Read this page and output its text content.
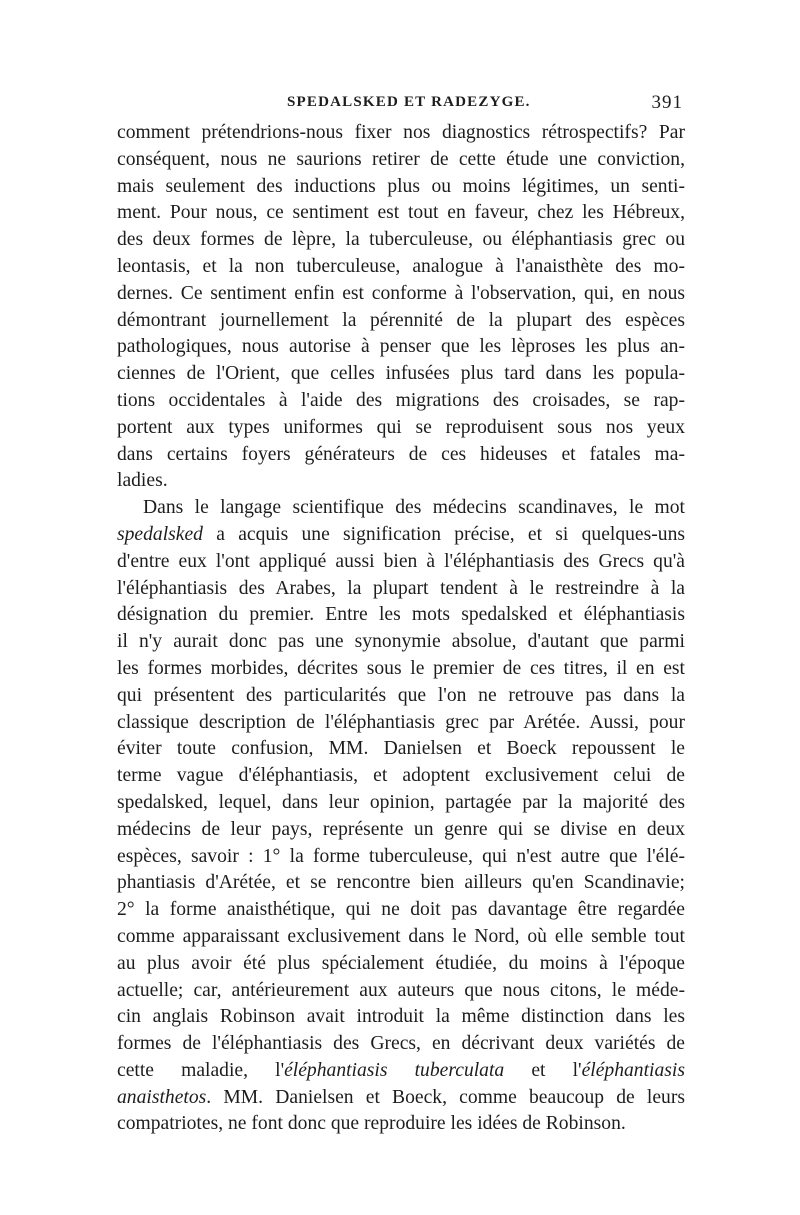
SPEDALSKED ET RADEZYGE.	391
comment prétendrions-nous fixer nos diagnostics rétrospectifs? Par
conséquent, nous ne saurions retirer de cette étude une conviction,
mais seulement des inductions plus ou moins légitimes, un senti-
ment. Pour nous, ce sentiment est tout en faveur, chez les Hébreux,
des deux formes de lèpre, la tuberculeuse, ou éléphantiasis grec ou
leontasis, et la non tuberculeuse, analogue à l'anaisthète des mo-
dernes. Ce sentiment enfin est conforme à l'observation, qui, en nous
démontrant journellement la pérennité de la plupart des espèces
pathologiques, nous autorise à penser que les lèproses les plus an-
ciennes de l'Orient, que celles infusées plus tard dans les popula-
tions occidentales à l'aide des migrations des croisades, se rap-
portent aux types uniformes qui se reproduisent sous nos yeux
dans certains foyers générateurs de ces hideuses et fatales ma-
ladies.
Dans le langage scientifique des médecins scandinaves, le mot
spedalsked a acquis une signification précise, et si quelques-uns
d'entre eux l'ont appliqué aussi bien à l'éléphantiasis des Grecs qu'à
l'éléphantiasis des Arabes, la plupart tendent à le restreindre à la
désignation du premier. Entre les mots spedalsked et éléphantiasis
il n'y aurait donc pas une synonymie absolue, d'autant que parmi
les formes morbides, décrites sous le premier de ces titres, il en est
qui présentent des particularités que l'on ne retrouve pas dans la
classique description de l'éléphantiasis grec par Arétée. Aussi, pour
éviter toute confusion, MM. Danielsen et Boeck repoussent le
terme vague d'éléphantiasis, et adoptent exclusivement celui de
spedalsked, lequel, dans leur opinion, partagée par la majorité des
médecins de leur pays, représente un genre qui se divise en deux
espèces, savoir : 1° la forme tuberculeuse, qui n'est autre que l'élé-
phantiasis d'Arétée, et se rencontre bien ailleurs qu'en Scandinavie;
2° la forme anaisthétique, qui ne doit pas davantage être regardée
comme apparaissant exclusivement dans le Nord, où elle semble tout
au plus avoir été plus spécialement étudiée, du moins à l'époque
actuelle; car, antérieurement aux auteurs que nous citons, le méde-
cin anglais Robinson avait introduit la même distinction dans les
formes de l'éléphantiasis des Grecs, en décrivant deux variétés de
cette maladie, l'éléphantiasis tuberculata et l'éléphantiasis
anaisthetos. MM. Danielsen et Boeck, comme beaucoup de leurs
compatriotes, ne font donc que reproduire les idées de Robinson.
